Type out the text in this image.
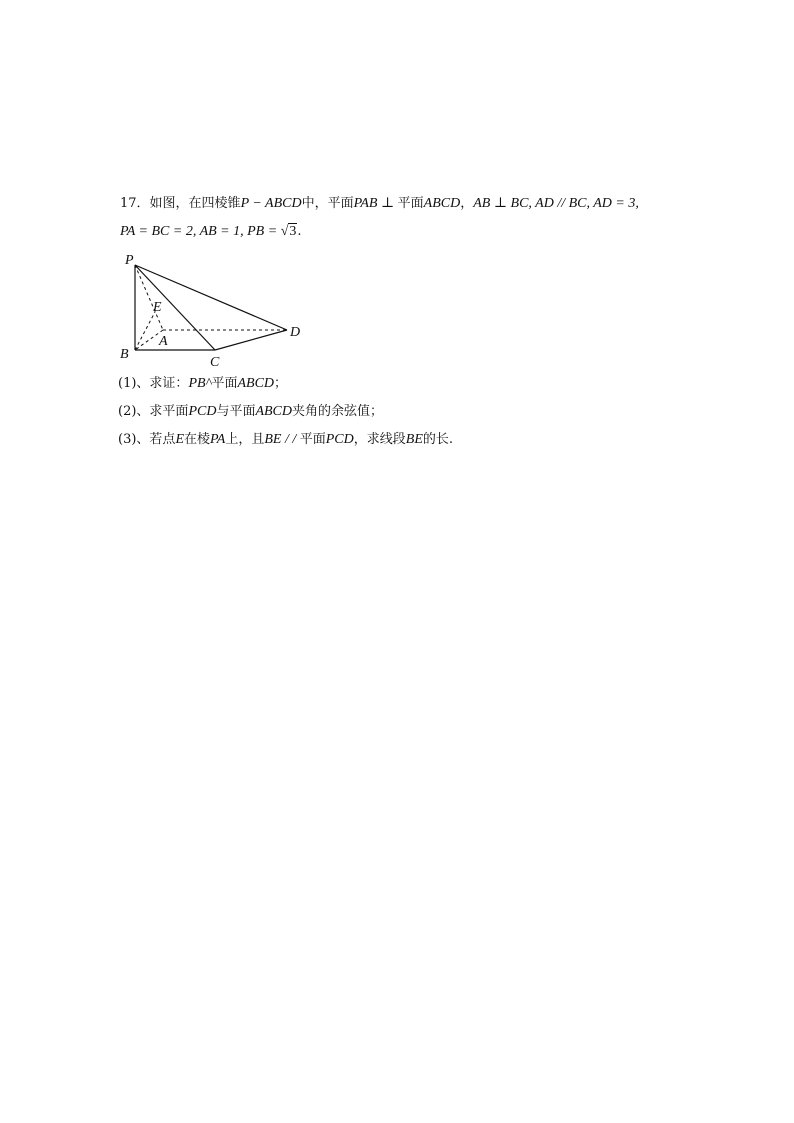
17．如图，在四棱锥P − ABCD中，平面PAB ⊥ 平面ABCD，AB ⊥ BC, AD // BC, AD = 3,
PA = BC = 2, AB = 1, PB = √3.
P
E
A
B
C
D
(1)、求证：PB^平面ABCD；
(2)、求平面PCD与平面ABCD夹角的余弦值；
(3)、若点E在棱PA上，且BE / / 平面PCD，求线段BE的长.
